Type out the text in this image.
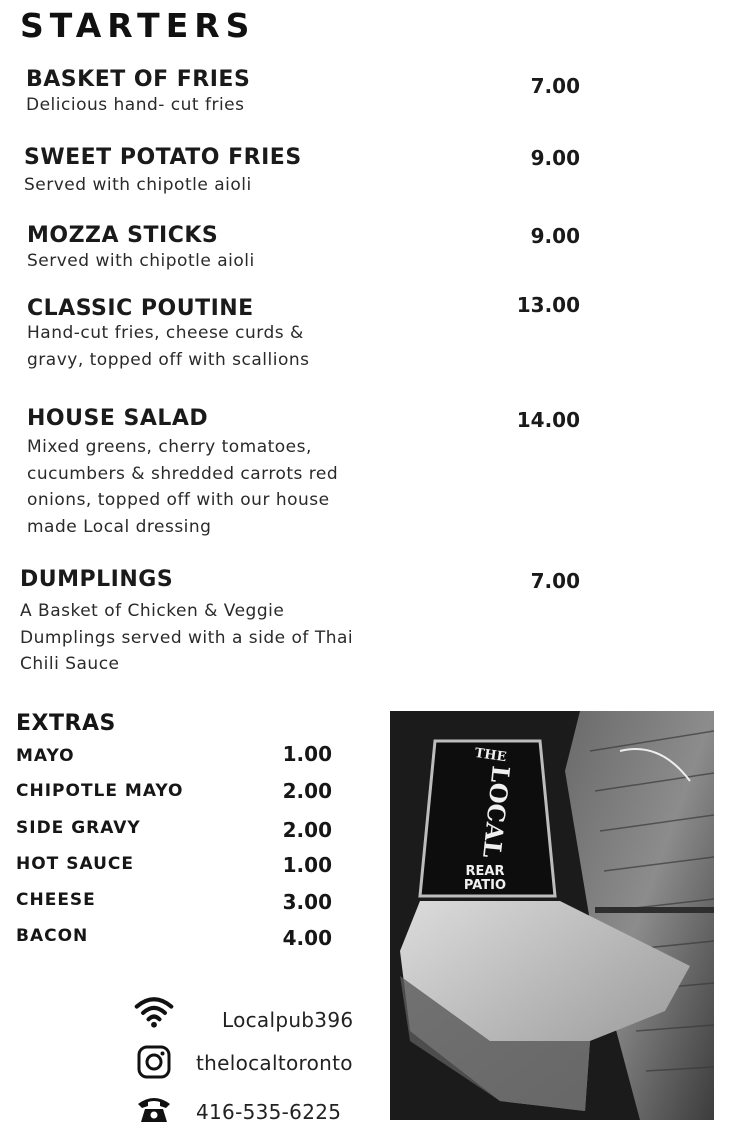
STARTERS
BASKET OF FRIES
Delicious hand- cut fries
7.00
SWEET POTATO FRIES
Served with chipotle aioli
9.00
MOZZA STICKS
Served with chipotle aioli
9.00
CLASSIC POUTINE
Hand-cut fries, cheese curds & gravy, topped off with scallions
13.00
HOUSE SALAD
Mixed greens, cherry tomatoes, cucumbers & shredded carrots red onions, topped off with our house made Local dressing
14.00
DUMPLINGS
A Basket of Chicken & Veggie Dumplings served with a side of Thai Chili Sauce
7.00
EXTRAS
MAYO	1.00
CHIPOTLE MAYO	2.00
SIDE GRAVY	2.00
HOT SAUCE	1.00
CHEESE	3.00
BACON	4.00
Localpub396
thelocaltoronto
416-535-6225
THE
LOCAL
REAR
PATIO
